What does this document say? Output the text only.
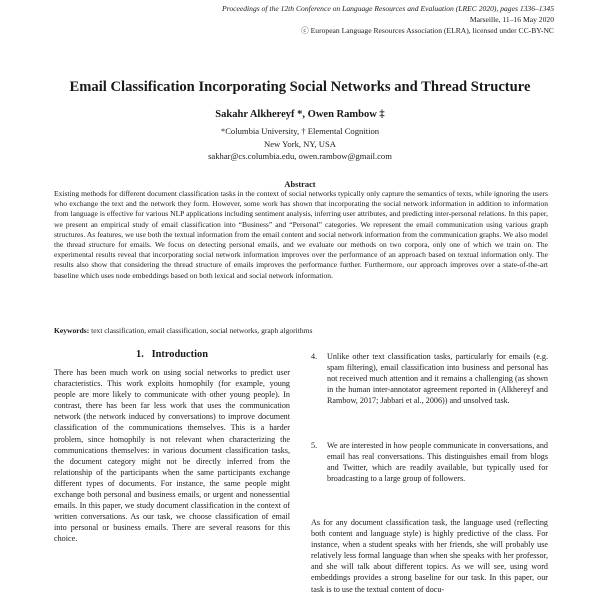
Proceedings of the 12th Conference on Language Resources and Evaluation (LREC 2020), pages 1336–1345
Marseille, 11–16 May 2020
ⓒ European Language Resources Association (ELRA), licensed under CC-BY-NC
Email Classification Incorporating Social Networks and Thread Structure
Sakahr Alkhereyf *, Owen Rambow ‡
*Columbia University, † Elemental Cognition
New York, NY, USA
sakhar@cs.columbia.edu, owen.rambow@gmail.com
Abstract

Existing methods for different document classification tasks in the context of social networks typically only capture the semantics of texts, while ignoring the users who exchange the text and the network they form. However, some work has shown that incorporating the social network information in addition to information from language is effective for various NLP applications including sentiment analysis, inferring user attributes, and predicting inter-personal relations. In this paper, we present an empirical study of email classification into “Business” and “Personal” categories. We represent the email communication using various graph structures. As features, we use both the textual information from the email content and social network information from the communication graphs. We also model the thread structure for emails. We focus on detecting personal emails, and we evaluate our methods on two corpora, only one of which we train on. The experimental results reveal that incorporating social network information improves over the performance of an approach based on textual information only. The results also show that considering the thread structure of emails improves the performance further. Furthermore, our approach improves over a state-of-the-art baseline which uses node embeddings based on both lexical and social network information.

Keywords: text classification, email classification, social networks, graph algorithms
1. Introduction

There has been much work on using social networks to predict user characteristics. This work exploits homophily (for example, young people are more likely to communicate with other young people). In contrast, there has been far less work that uses the communication network (the network induced by conversations) to improve document classification of the communications themselves. This is a harder problem, since homophily is not relevant when characterizing the communications themselves: in various document classification tasks, the document category might not be directly inferred from the relationship of the participants when the same participants exchange different types of documents. For instance, the same people might exchange both personal and business emails, or urgent and nonessential emails. In this paper, we study document classification in the context of written conversations. As our task, we choose classification of email into personal or business emails. There are several reasons for this choice.

4.	Unlike other text classification tasks, particularly for emails (e.g. spam filtering), email classification into business and personal has not received much attention and it remains a challenging (as shown in the human inter-annotator agreement reported in (Alkhereyf and Rambow, 2017; Jabbari et al., 2006)) and unsolved task.

5.	We are interested in how people communicate in conversations, and email has real conversations. This distinguishes email from blogs and Twitter, which are readily available, but typically used for broadcasting to a large group of followers.

As for any document classification task, the language used (reflecting both content and language style) is highly predictive of the class. For instance, when a student speaks with her friends, she will probably use relatively less formal language than when she speaks with her professor, and she will talk about different topics. As we will see, using word embeddings provides a strong baseline for our task. In this paper, our task is to use the textual content of docu-
